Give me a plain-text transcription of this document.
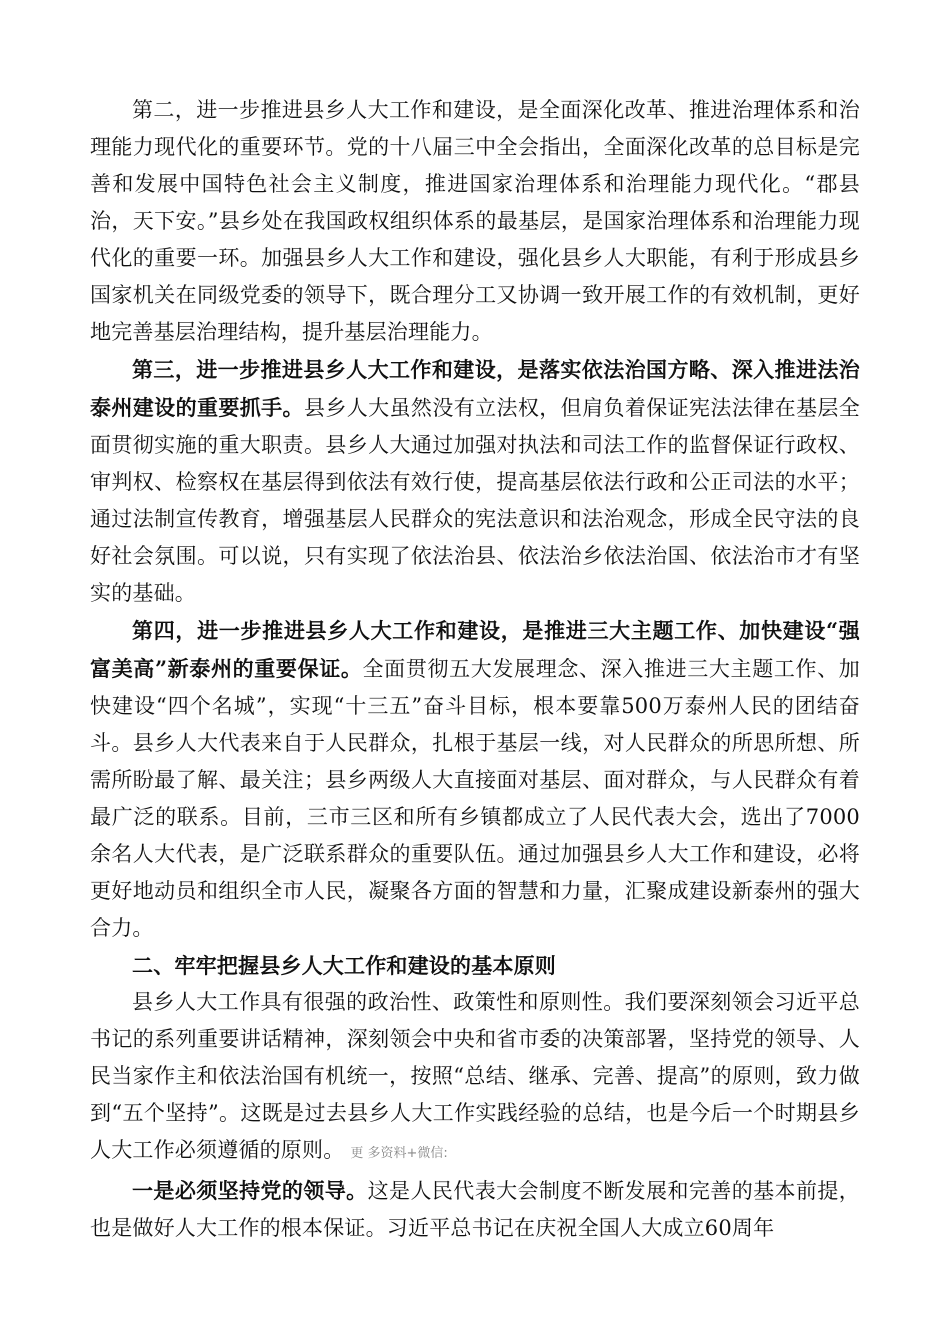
第二，进一步推进县乡人大工作和建设，是全面深化改革、推进治理体系和治理能力现代化的重要环节。党的十八届三中全会指出，全面深化改革的总目标是完善和发展中国特色社会主义制度，推进国家治理体系和治理能力现代化。“郡县治，天下安。”县乡处在我国政权组织体系的最基层，是国家治理体系和治理能力现代化的重要一环。加强县乡人大工作和建设，强化县乡人大职能，有利于形成县乡国家机关在同级党委的领导下，既合理分工又协调一致开展工作的有效机制，更好地完善基层治理结构，提升基层治理能力。

第三，进一步推进县乡人大工作和建设，是落实依法治国方略、深入推进法治泰州建设的重要抓手。县乡人大虽然没有立法权，但肩负着保证宪法法律在基层全面贯彻实施的重大职责。县乡人大通过加强对执法和司法工作的监督保证行政权、审判权、检察权在基层得到依法有效行使，提高基层依法行政和公正司法的水平；通过法制宣传教育，增强基层人民群众的宪法意识和法治观念，形成全民守法的良好社会氛围。可以说，只有实现了依法治县、依法治乡依法治国、依法治市才有坚实的基础。

第四，进一步推进县乡人大工作和建设，是推进三大主题工作、加快建设“强富美高”新泰州的重要保证。全面贯彻五大发展理念、深入推进三大主题工作、加快建设“四个名城”，实现“十三五”奋斗目标，根本要靠500万泰州人民的团结奋斗。县乡人大代表来自于人民群众，扎根于基层一线，对人民群众的所思所想、所需所盼最了解、最关注；县乡两级人大直接面对基层、面对群众，与人民群众有着最广泛的联系。目前，三市三区和所有乡镇都成立了人民代表大会，选出了7000余名人大代表，是广泛联系群众的重要队伍。通过加强县乡人大工作和建设，必将更好地动员和组织全市人民，凝聚各方面的智慧和力量，汇聚成建设新泰州的强大合力。

二、牢牢把握县乡人大工作和建设的基本原则

县乡人大工作具有很强的政治性、政策性和原则性。我们要深刻领会习近平总书记的系列重要讲话精神，深刻领会中央和省市委的决策部署，坚持党的领导、人民当家作主和依法治国有机统一，按照“总结、继承、完善、提高”的原则，致力做到“五个坚持”。这既是过去县乡人大工作实践经验的总结，也是今后一个时期县乡人大工作必须遵循的原则。 更 多资料+微信:

一是必须坚持党的领导。这是人民代表大会制度不断发展和完善的基本前提，也是做好人大工作的根本保证。习近平总书记在庆祝全国人大成立60周年
